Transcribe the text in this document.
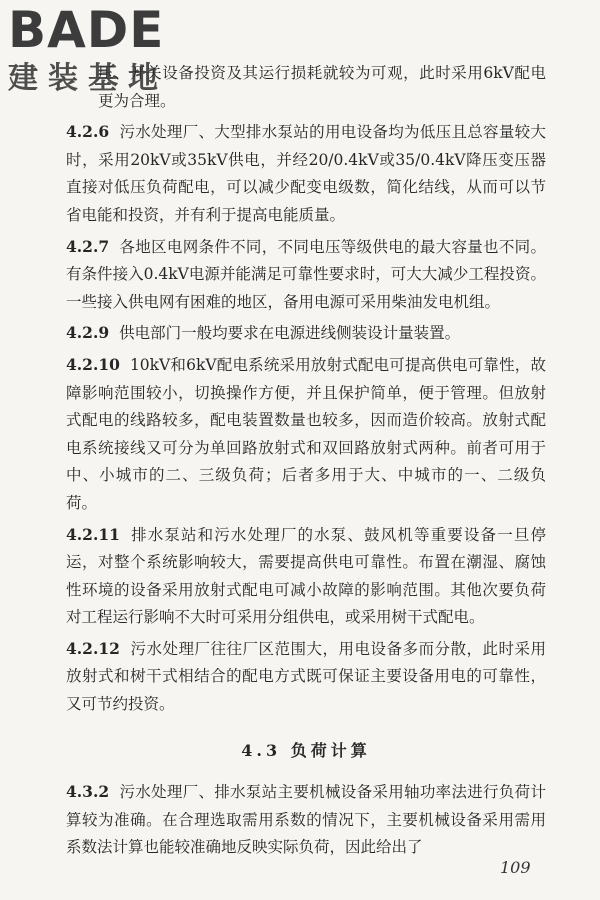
BADE
建装基地

压、开关设备投资及其运行损耗就较为可观，此时采用6kV配电更为合理。

4.2.6 污水处理厂、大型排水泵站的用电设备均为低压且总容量较大时，采用20kV或35kV供电，并经20/0.4kV或35/0.4kV降压变压器直接对低压负荷配电，可以减少配变电级数，简化结线，从而可以节省电能和投资，并有利于提高电能质量。

4.2.7 各地区电网条件不同，不同电压等级供电的最大容量也不同。有条件接入0.4kV电源并能满足可靠性要求时，可大大减少工程投资。一些接入供电网有困难的地区，备用电源可采用柴油发电机组。

4.2.9 供电部门一般均要求在电源进线侧装设计量装置。

4.2.10 10kV和6kV配电系统采用放射式配电可提高供电可靠性，故障影响范围较小，切换操作方便，并且保护简单，便于管理。但放射式配电的线路较多，配电装置数量也较多，因而造价较高。放射式配电系统接线又可分为单回路放射式和双回路放射式两种。前者可用于中、小城市的二、三级负荷；后者多用于大、中城市的一、二级负荷。

4.2.11 排水泵站和污水处理厂的水泵、鼓风机等重要设备一旦停运，对整个系统影响较大，需要提高供电可靠性。布置在潮湿、腐蚀性环境的设备采用放射式配电可减小故障的影响范围。其他次要负荷对工程运行影响不大时可采用分组供电，或采用树干式配电。

4.2.12 污水处理厂往往厂区范围大，用电设备多而分散，此时采用放射式和树干式相结合的配电方式既可保证主要设备用电的可靠性，又可节约投资。

4.3 负荷计算

4.3.2 污水处理厂、排水泵站主要机械设备采用轴功率法进行负荷计算较为准确。在合理选取需用系数的情况下，主要机械设备采用需用系数法计算也能较准确地反映实际负荷，因此给出了

109
